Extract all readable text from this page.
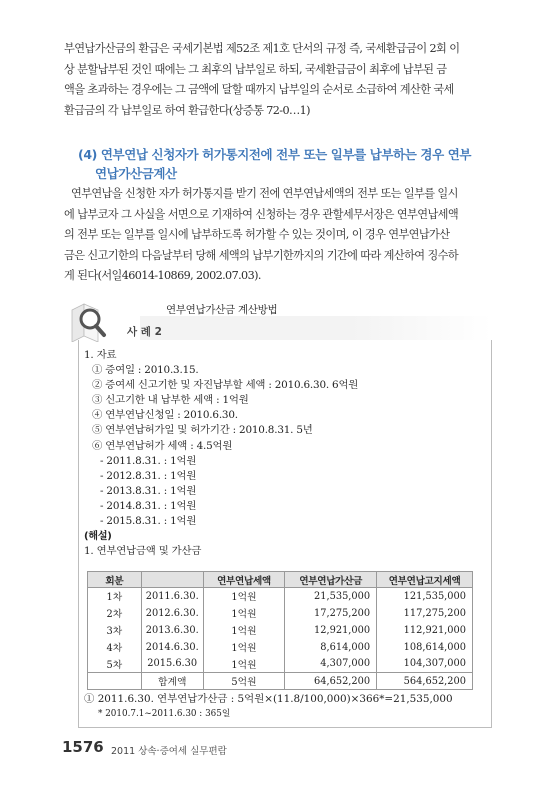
부연납가산금의 환급은 국세기본법 제52조 제1호 단서의 규정 즉, 국세환급금이 2회 이
상 분할납부된 것인 때에는 그 최후의 납부일로 하되, 국세환급금이 최후에 납부된 금
액을 초과하는 경우에는 그 금액에 달할 때까지 납부일의 순서로 소급하여 계산한 국세
환급금의 각 납부일로 하여 환급한다(상증통 72-0…1)
(4) 연부연납 신청자가 허가통지전에 전부 또는 일부를 납부하는 경우 연부
연납가산금계산
연부연납을 신청한 자가 허가통지를 받기 전에 연부연납세액의 전부 또는 일부를 일시
에 납부코자 그 사실을 서면으로 기재하여 신청하는 경우 관할세무서장은 연부연납세액
의 전부 또는 일부를 일시에 납부하도록 허가할 수 있는 것이며, 이 경우 연부연납가산
금은 신고기한의 다음날부터 당해 세액의 납부기한까지의 기간에 따라 계산하여 징수하
게 된다(서일46014-10869, 2002.07.03).
연부연납가산금 계산방법
사 례 2
1. 자료
① 증여일 : 2010.3.15.
② 증여세 신고기한 및 자진납부할 세액 : 2010.6.30. 6억원
③ 신고기한 내 납부한 세액 : 1억원
④ 연부연납신청일 : 2010.6.30.
⑤ 연부연납허가일 및 허가기간 : 2010.8.31. 5년
⑥ 연부연납허가 세액 : 4.5억원
- 2011.8.31. : 1억원
- 2012.8.31. : 1억원
- 2013.8.31. : 1억원
- 2014.8.31. : 1억원
- 2015.8.31. : 1억원
(해설)
1. 연부연납금액 및 가산금
회분		연부연납세액	연부연납가산금	연부연납고지세액
1차	2011.6.30.	1억원	21,535,000	121,535,000
2차	2012.6.30.	1억원	17,275,200	117,275,200
3차	2013.6.30.	1억원	12,921,000	112,921,000
4차	2014.6.30.	1억원	8,614,000	108,614,000
5차	2015.6.30	1억원	4,307,000	104,307,000
	합계액	5억원	64,652,200	564,652,200
① 2011.6.30. 연부연납가산금 : 5억원×(11.8/100,000)×366*=21,535,000
* 2010.7.1~2011.6.30 : 365일
1576 2011 상속·증여세 실무편람
